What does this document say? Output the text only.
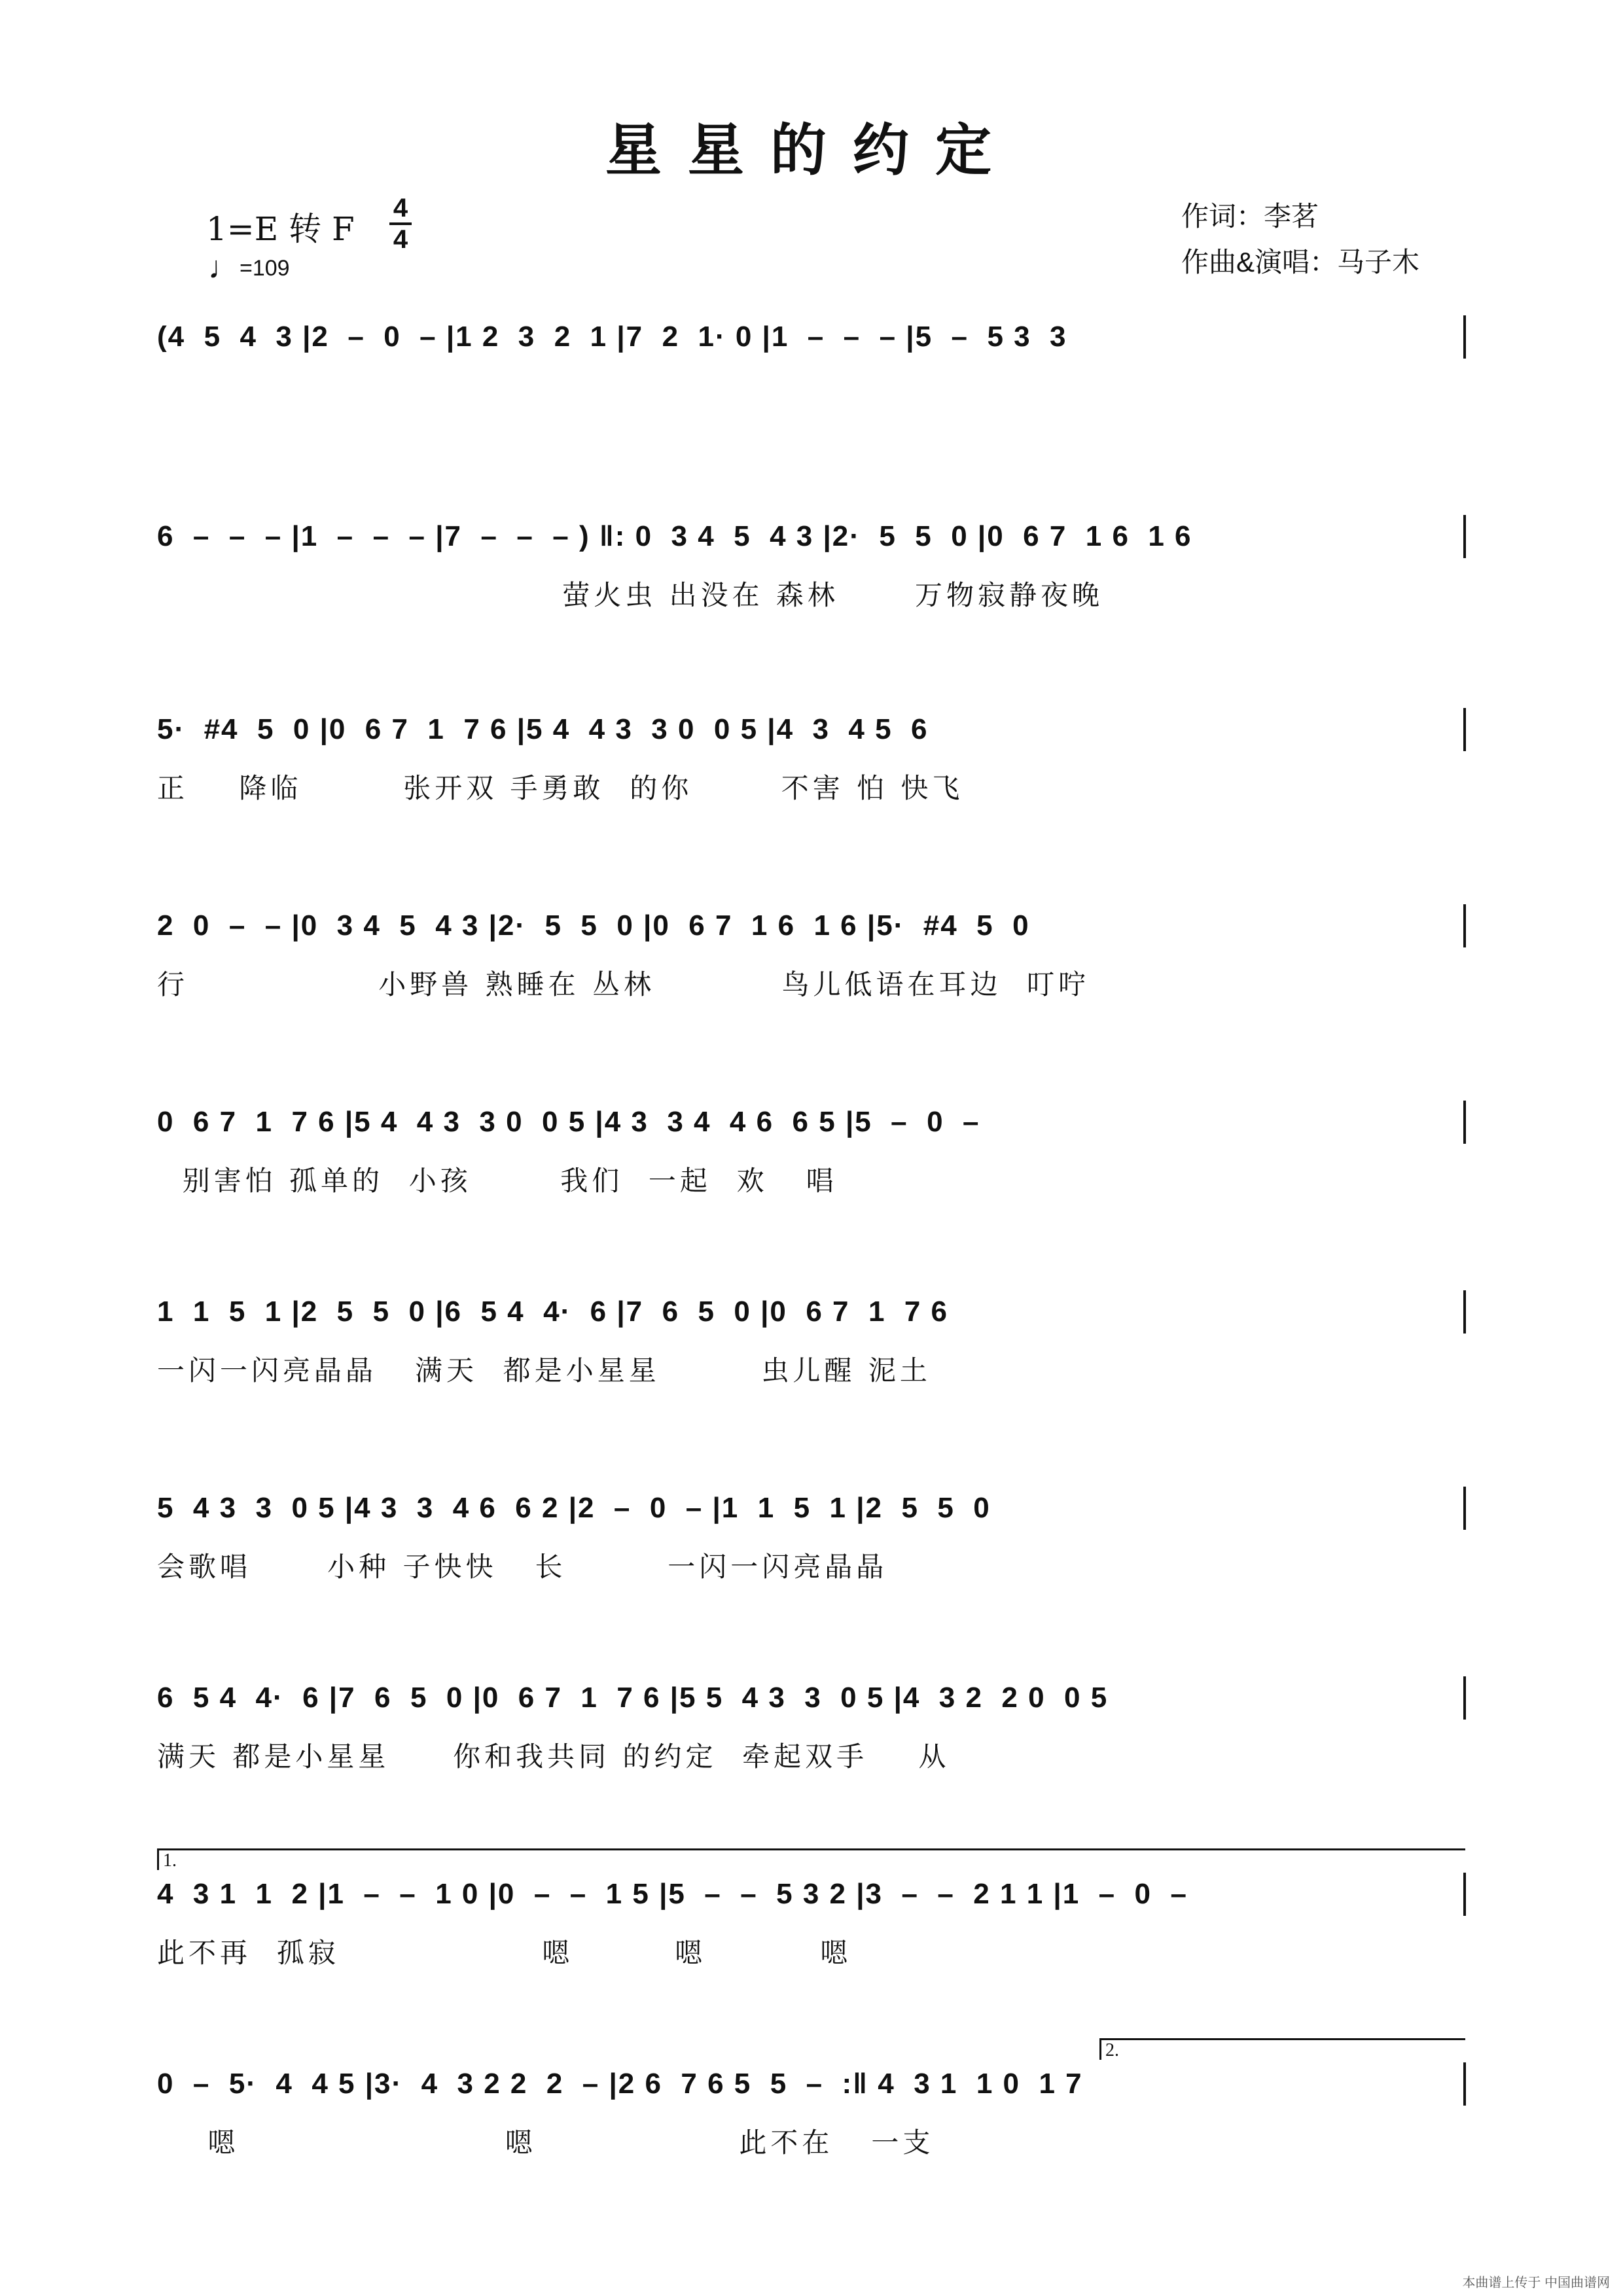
星星的约定
1=E 转 F
4
4
♩=109
作词：李茗
作曲&演唱：马子木
(4  5  4  3 |2  –  0  – |1 2  3  2  1 |7  2  1· 0 |1  –  –  – |5  –  5 3  3
6  –  –  – |1  –  –  – |7  –  –  – ) ‖: 0  3 4  5  4 3 |2·  5  5  0 |0  6 7  1 6  1 6
萤火虫 出没在 森林      万物寂静夜晚
5·  #4  5  0 |0  6 7  1  7 6 |5 4  4 3  3 0  0 5 |4  3  4 5  6
正    降临        张开双 手勇敢  的你       不害 怕 快飞
2  0  –  – |0  3 4  5  4 3 |2·  5  5  0 |0  6 7  1 6  1 6 |5·  #4  5  0
行               小野兽 熟睡在 丛林          鸟儿低语在耳边  叮咛
0  6 7  1  7 6 |5 4  4 3  3 0  0 5 |4 3  3 4  4 6  6 5 |5  –  0  –
别害怕 孤单的  小孩       我们  一起  欢   唱
1  1  5  1 |2  5  5  0 |6  5 4  4·  6 |7  6  5  0 |0  6 7  1  7 6
一闪一闪亮晶晶   满天  都是小星星        虫儿醒 泥土
5  4 3  3  0 5 |4 3  3  4 6  6 2 |2  –  0  – |1  1  5  1 |2  5  5  0
会歌唱      小种 子快快   长        一闪一闪亮晶晶
6  5 4  4·  6 |7  6  5  0 |0  6 7  1  7 6 |5 5  4 3  3  0 5 |4  3 2  2 0  0 5
满天 都是小星星     你和我共同 的约定  牵起双手    从
1.
4  3 1  1  2 |1  –  –  1 0 |0  –  –  1 5 |5  –  –  5 3 2 |3  –  –  2 1 1 |1  –  0  –
此不再  孤寂                嗯        嗯         嗯
2.
0  –  5·  4  4 5 |3·  4  3 2 2  2  – |2 6  7 6 5  5  –  :‖ 4  3 1  1 0  1 7
嗯                     嗯                此不在   一支
本曲谱上传于 中国曲谱网
